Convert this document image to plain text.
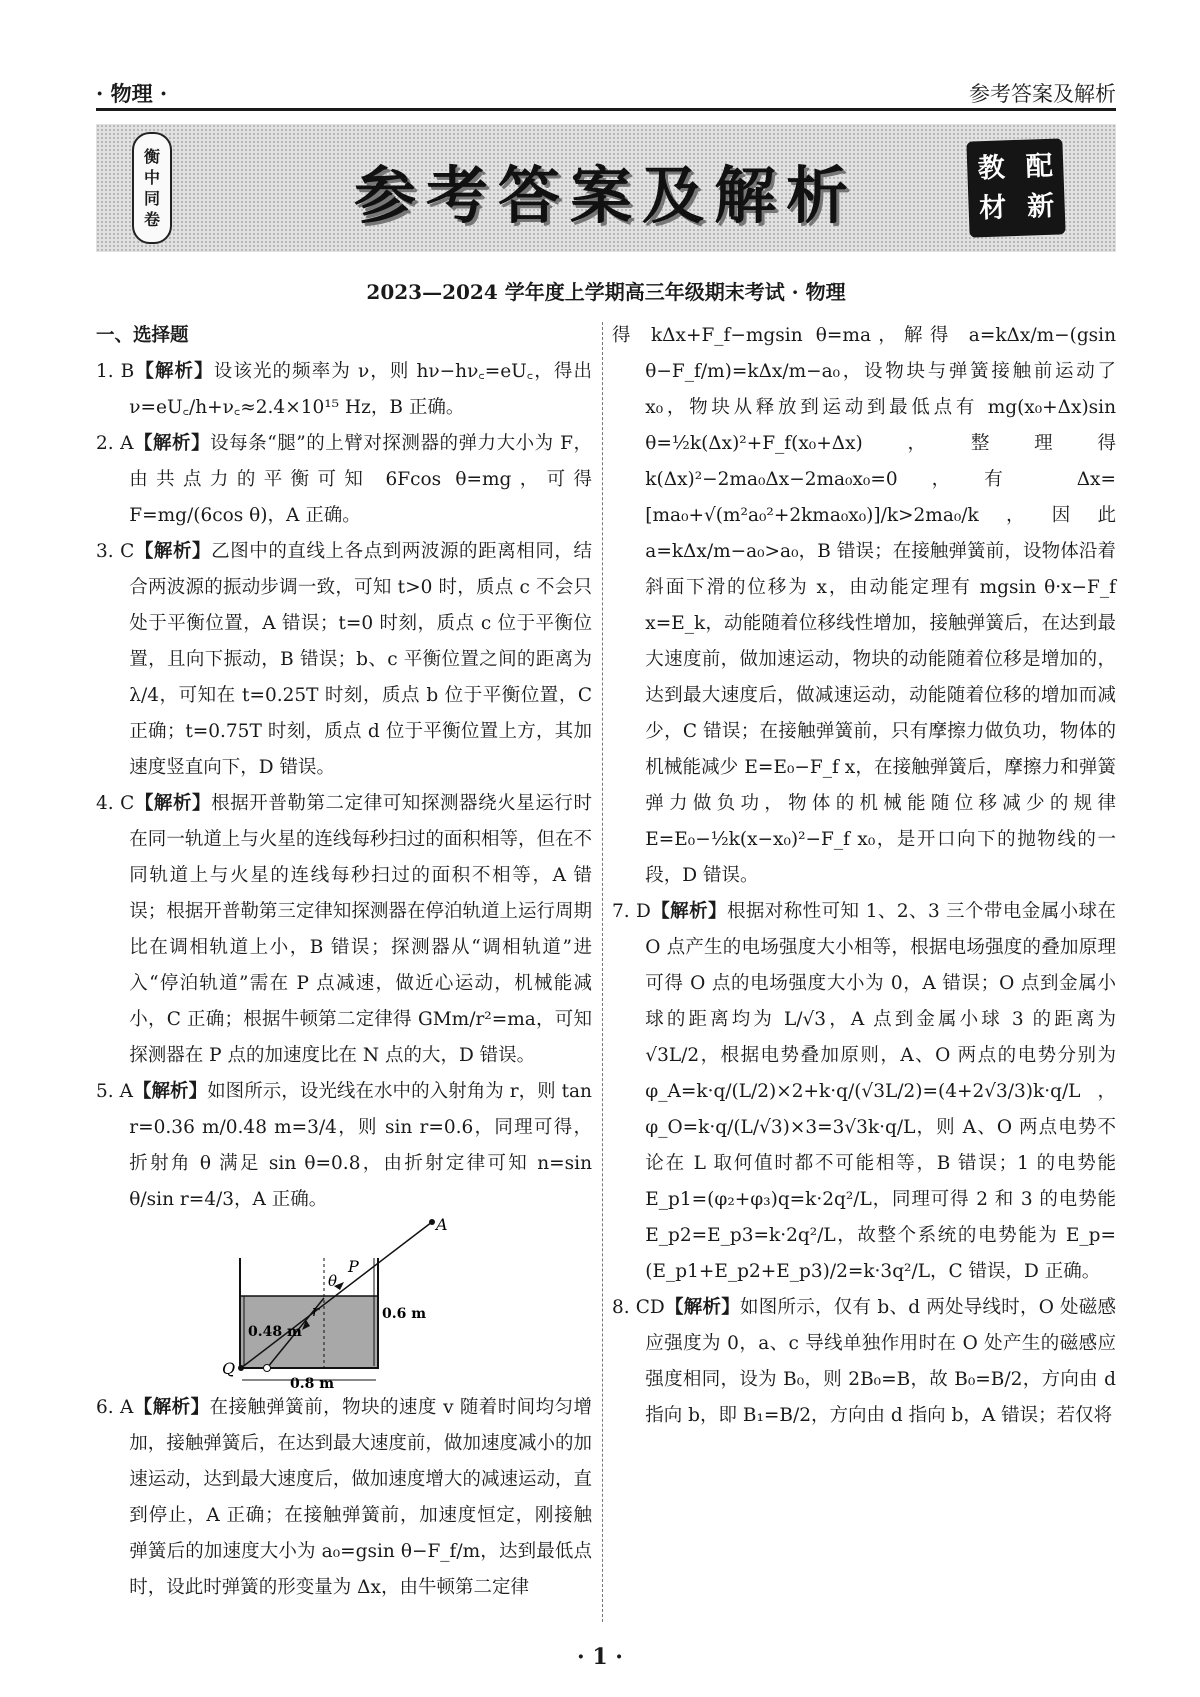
· 物理 ·	参考答案及解析
衡
中
同
卷	参考答案及解析	教 配
材 新
2023—2024 学年度上学期高三年级期末考试 · 物理

一、选择题

1. B【解析】设该光的频率为 ν，则 hν−hν꜀=eU꜀，得出 ν=eU꜀/h+ν꜀≈2.4×10¹⁵ Hz，B 正确。

2. A【解析】设每条“腿”的上臂对探测器的弹力大小为 F，由共点力的平衡可知 6Fcos θ=mg，可得 F=mg/(6cos θ)，A 正确。

3. C【解析】乙图中的直线上各点到两波源的距离相同，结合两波源的振动步调一致，可知 t>0 时，质点 c 不会只处于平衡位置，A 错误；t=0 时刻，质点 c 位于平衡位置，且向下振动，B 错误；b、c 平衡位置之间的距离为 λ/4，可知在 t=0.25T 时刻，质点 b 位于平衡位置，C 正确；t=0.75T 时刻，质点 d 位于平衡位置上方，其加速度竖直向下，D 错误。

4. C【解析】根据开普勒第二定律可知探测器绕火星运行时在同一轨道上与火星的连线每秒扫过的面积相等，但在不同轨道上与火星的连线每秒扫过的面积不相等，A 错误；根据开普勒第三定律知探测器在停泊轨道上运行周期比在调相轨道上小，B 错误；探测器从“调相轨道”进入“停泊轨道”需在 P 点减速，做近心运动，机械能减小，C 正确；根据牛顿第二定律得 GMm/r²=ma，可知探测器在 P 点的加速度比在 N 点的大，D 错误。

5. A【解析】如图所示，设光线在水中的入射角为 r，则 tan r=0.36 m/0.48 m=3/4，则 sin r=0.6，同理可得，折射角 θ 满足 sin θ=0.8，由折射定律可知 n=sin θ/sin r=4/3，A 正确。

A
P
θ
r
Q
0.48 m
0.6 m
0.8 m

6. A【解析】在接触弹簧前，物块的速度 v 随着时间均匀增加，接触弹簧后，在达到最大速度前，做加速度减小的加速运动，达到最大速度后，做加速度增大的减速运动，直到停止，A 正确；在接触弹簧前，加速度恒定，刚接触弹簧后的加速度大小为 a₀=gsin θ−F_f/m，达到最低点时，设此时弹簧的形变量为 Δx，由牛顿第二定律

得 kΔx+F_f−mgsin θ=ma，解得 a=kΔx/m−(gsin θ−F_f/m)=kΔx/m−a₀，设物块与弹簧接触前运动了 x₀，物块从释放到运动到最低点有 mg(x₀+Δx)sin θ=½k(Δx)²+F_f(x₀+Δx)，整理得 k(Δx)²−2ma₀Δx−2ma₀x₀=0，有 Δx=[ma₀+√(m²a₀²+2kma₀x₀)]/k>2ma₀/k，因此 a=kΔx/m−a₀>a₀，B 错误；在接触弹簧前，设物体沿着斜面下滑的位移为 x，由动能定理有 mgsin θ·x−F_f x=E_k，动能随着位移线性增加，接触弹簧后，在达到最大速度前，做加速运动，物块的动能随着位移是增加的，达到最大速度后，做减速运动，动能随着位移的增加而减少，C 错误；在接触弹簧前，只有摩擦力做负功，物体的机械能减少 E=E₀−F_f x，在接触弹簧后，摩擦力和弹簧弹力做负功，物体的机械能随位移减少的规律 E=E₀−½k(x−x₀)²−F_f x₀，是开口向下的抛物线的一段，D 错误。

7. D【解析】根据对称性可知 1、2、3 三个带电金属小球在 O 点产生的电场强度大小相等，根据电场强度的叠加原理可得 O 点的电场强度大小为 0，A 错误；O 点到金属小球的距离均为 L/√3，A 点到金属小球 3 的距离为 √3L/2，根据电势叠加原则，A、O 两点的电势分别为 φ_A=k·q/(L/2)×2+k·q/(√3L/2)=(4+2√3/3)k·q/L，φ_O=k·q/(L/√3)×3=3√3k·q/L，则 A、O 两点电势不论在 L 取何值时都不可能相等，B 错误；1 的电势能 E_p1=(φ₂+φ₃)q=k·2q²/L，同理可得 2 和 3 的电势能 E_p2=E_p3=k·2q²/L，故整个系统的电势能为 E_p=(E_p1+E_p2+E_p3)/2=k·3q²/L，C 错误，D 正确。

8. CD【解析】如图所示，仅有 b、d 两处导线时，O 处磁感应强度为 0，a、c 导线单独作用时在 O 处产生的磁感应强度相同，设为 B₀，则 2B₀=B，故 B₀=B/2，方向由 d 指向 b，即 B₁=B/2，方向由 d 指向 b，A 错误；若仅将

· 1 ·
